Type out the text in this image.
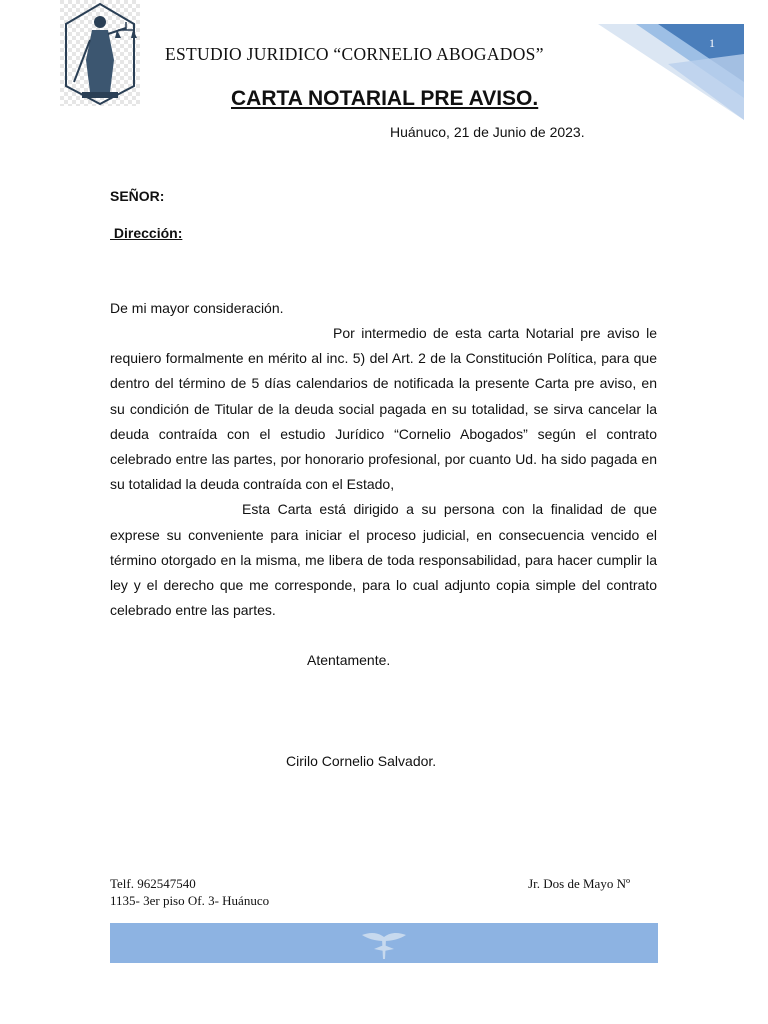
1
ESTUDIO JURIDICO “CORNELIO ABOGADOS”
CARTA NOTARIAL PRE AVISO.
Huánuco, 21 de Junio de 2023.
SEÑOR:
Dirección:
De mi mayor consideración.

Por intermedio de esta carta Notarial pre aviso le requiero formalmente en mérito al inc. 5) del Art. 2 de la Constitución Política, para que dentro del término de 5 días calendarios de notificada la presente Carta pre aviso, en su condición de Titular de la deuda social pagada en su totalidad, se sirva cancelar la deuda contraída con el estudio Jurídico “Cornelio Abogados” según el contrato celebrado entre las partes, por honorario profesional, por cuanto Ud. ha sido pagada en su totalidad la deuda contraída con el Estado,

Esta Carta está dirigido a su persona con la finalidad de que exprese su conveniente para iniciar el proceso judicial, en consecuencia vencido el término otorgado en la misma, me libera de toda responsabilidad, para hacer cumplir la ley y el derecho que me corresponde, para lo cual adjunto copia simple del contrato celebrado entre las partes.

Atentamente.
Cirilo Cornelio Salvador.
Telf. 962547540	Jr. Dos de Mayo Nº
1135- 3er piso Of. 3- Huánuco
